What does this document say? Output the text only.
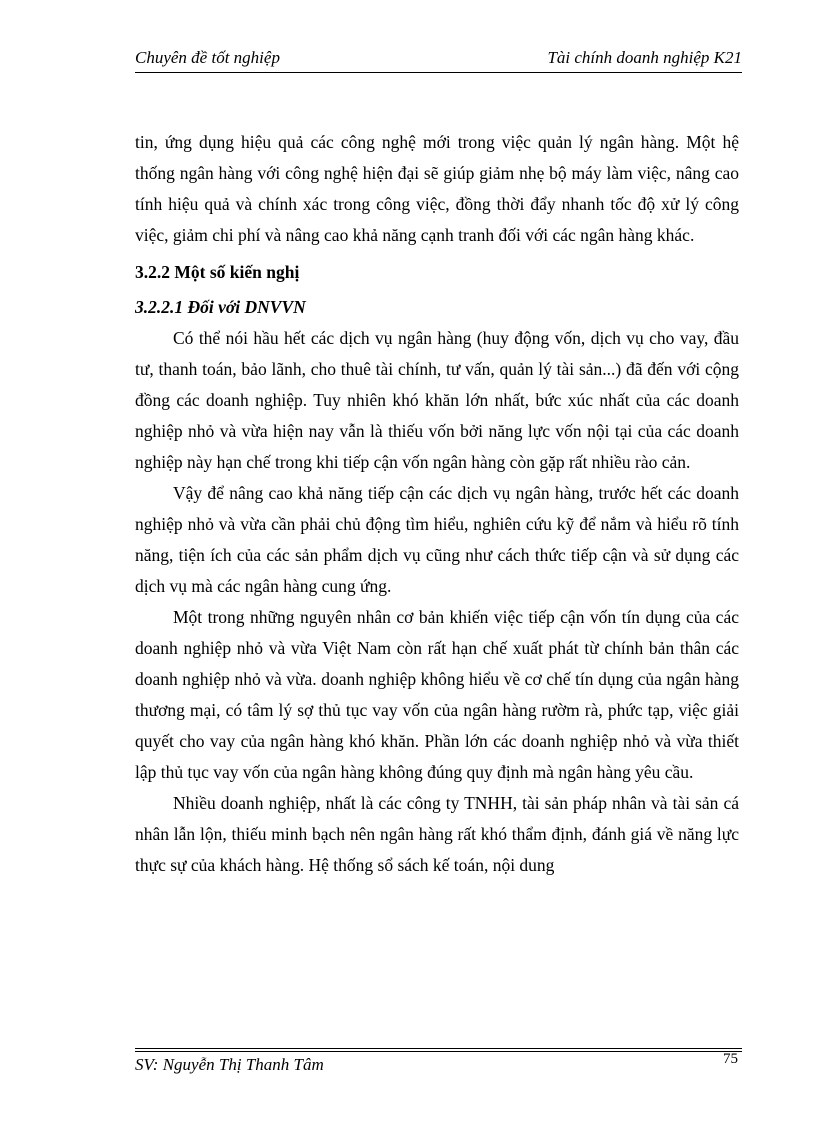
Chuyên đề tốt nghiệp	Tài chính doanh nghiệp K21

tin, ứng dụng hiệu quả các công nghệ mới trong việc quản lý ngân hàng. Một hệ thống ngân hàng với công nghệ hiện đại sẽ giúp giảm nhẹ bộ máy làm việc, nâng cao tính hiệu quả và chính xác trong công việc, đồng thời đẩy nhanh tốc độ xử lý công việc, giảm chi phí và nâng cao khả năng cạnh tranh đối với các ngân hàng khác.

3.2.2 Một số kiến nghị

3.2.2.1 Đối với DNVVN

Có thể nói hầu hết các dịch vụ ngân hàng (huy động vốn, dịch vụ cho vay, đầu tư, thanh toán, bảo lãnh, cho thuê tài chính, tư vấn, quản lý tài sản...) đã đến với cộng đồng các doanh nghiệp. Tuy nhiên khó khăn lớn nhất, bức xúc nhất của các doanh nghiệp nhỏ và vừa hiện nay vẫn là thiếu vốn bởi năng lực vốn nội tại của các doanh nghiệp này hạn chế trong khi tiếp cận vốn ngân hàng còn gặp rất nhiều rào cản.

Vậy để nâng cao khả năng tiếp cận các dịch vụ ngân hàng, trước hết các doanh nghiệp nhỏ và vừa cần phải chủ động tìm hiểu, nghiên cứu kỹ để nắm và hiểu rõ tính năng, tiện ích của các sản phẩm dịch vụ cũng như cách thức tiếp cận và sử dụng các dịch vụ mà các ngân hàng cung ứng.

Một trong những nguyên nhân cơ bản khiến việc tiếp cận vốn tín dụng của các doanh nghiệp nhỏ và vừa Việt Nam còn rất hạn chế xuất phát từ chính bản thân các doanh nghiệp nhỏ và vừa. doanh nghiệp không hiểu về cơ chế tín dụng của ngân hàng thương mại, có tâm lý sợ thủ tục vay vốn của ngân hàng rườm rà, phức tạp, việc giải quyết cho vay của ngân hàng khó khăn. Phần lớn các doanh nghiệp nhỏ và vừa thiết lập thủ tục vay vốn của ngân hàng không đúng quy định mà ngân hàng yêu cầu.

Nhiều doanh nghiệp, nhất là các công ty TNHH, tài sản pháp nhân và tài sản cá nhân lẫn lộn, thiếu minh bạch nên ngân hàng rất khó thẩm định, đánh giá về năng lực thực sự của khách hàng. Hệ thống sổ sách kế toán, nội dung

SV: Nguyễn Thị Thanh Tâm	75
